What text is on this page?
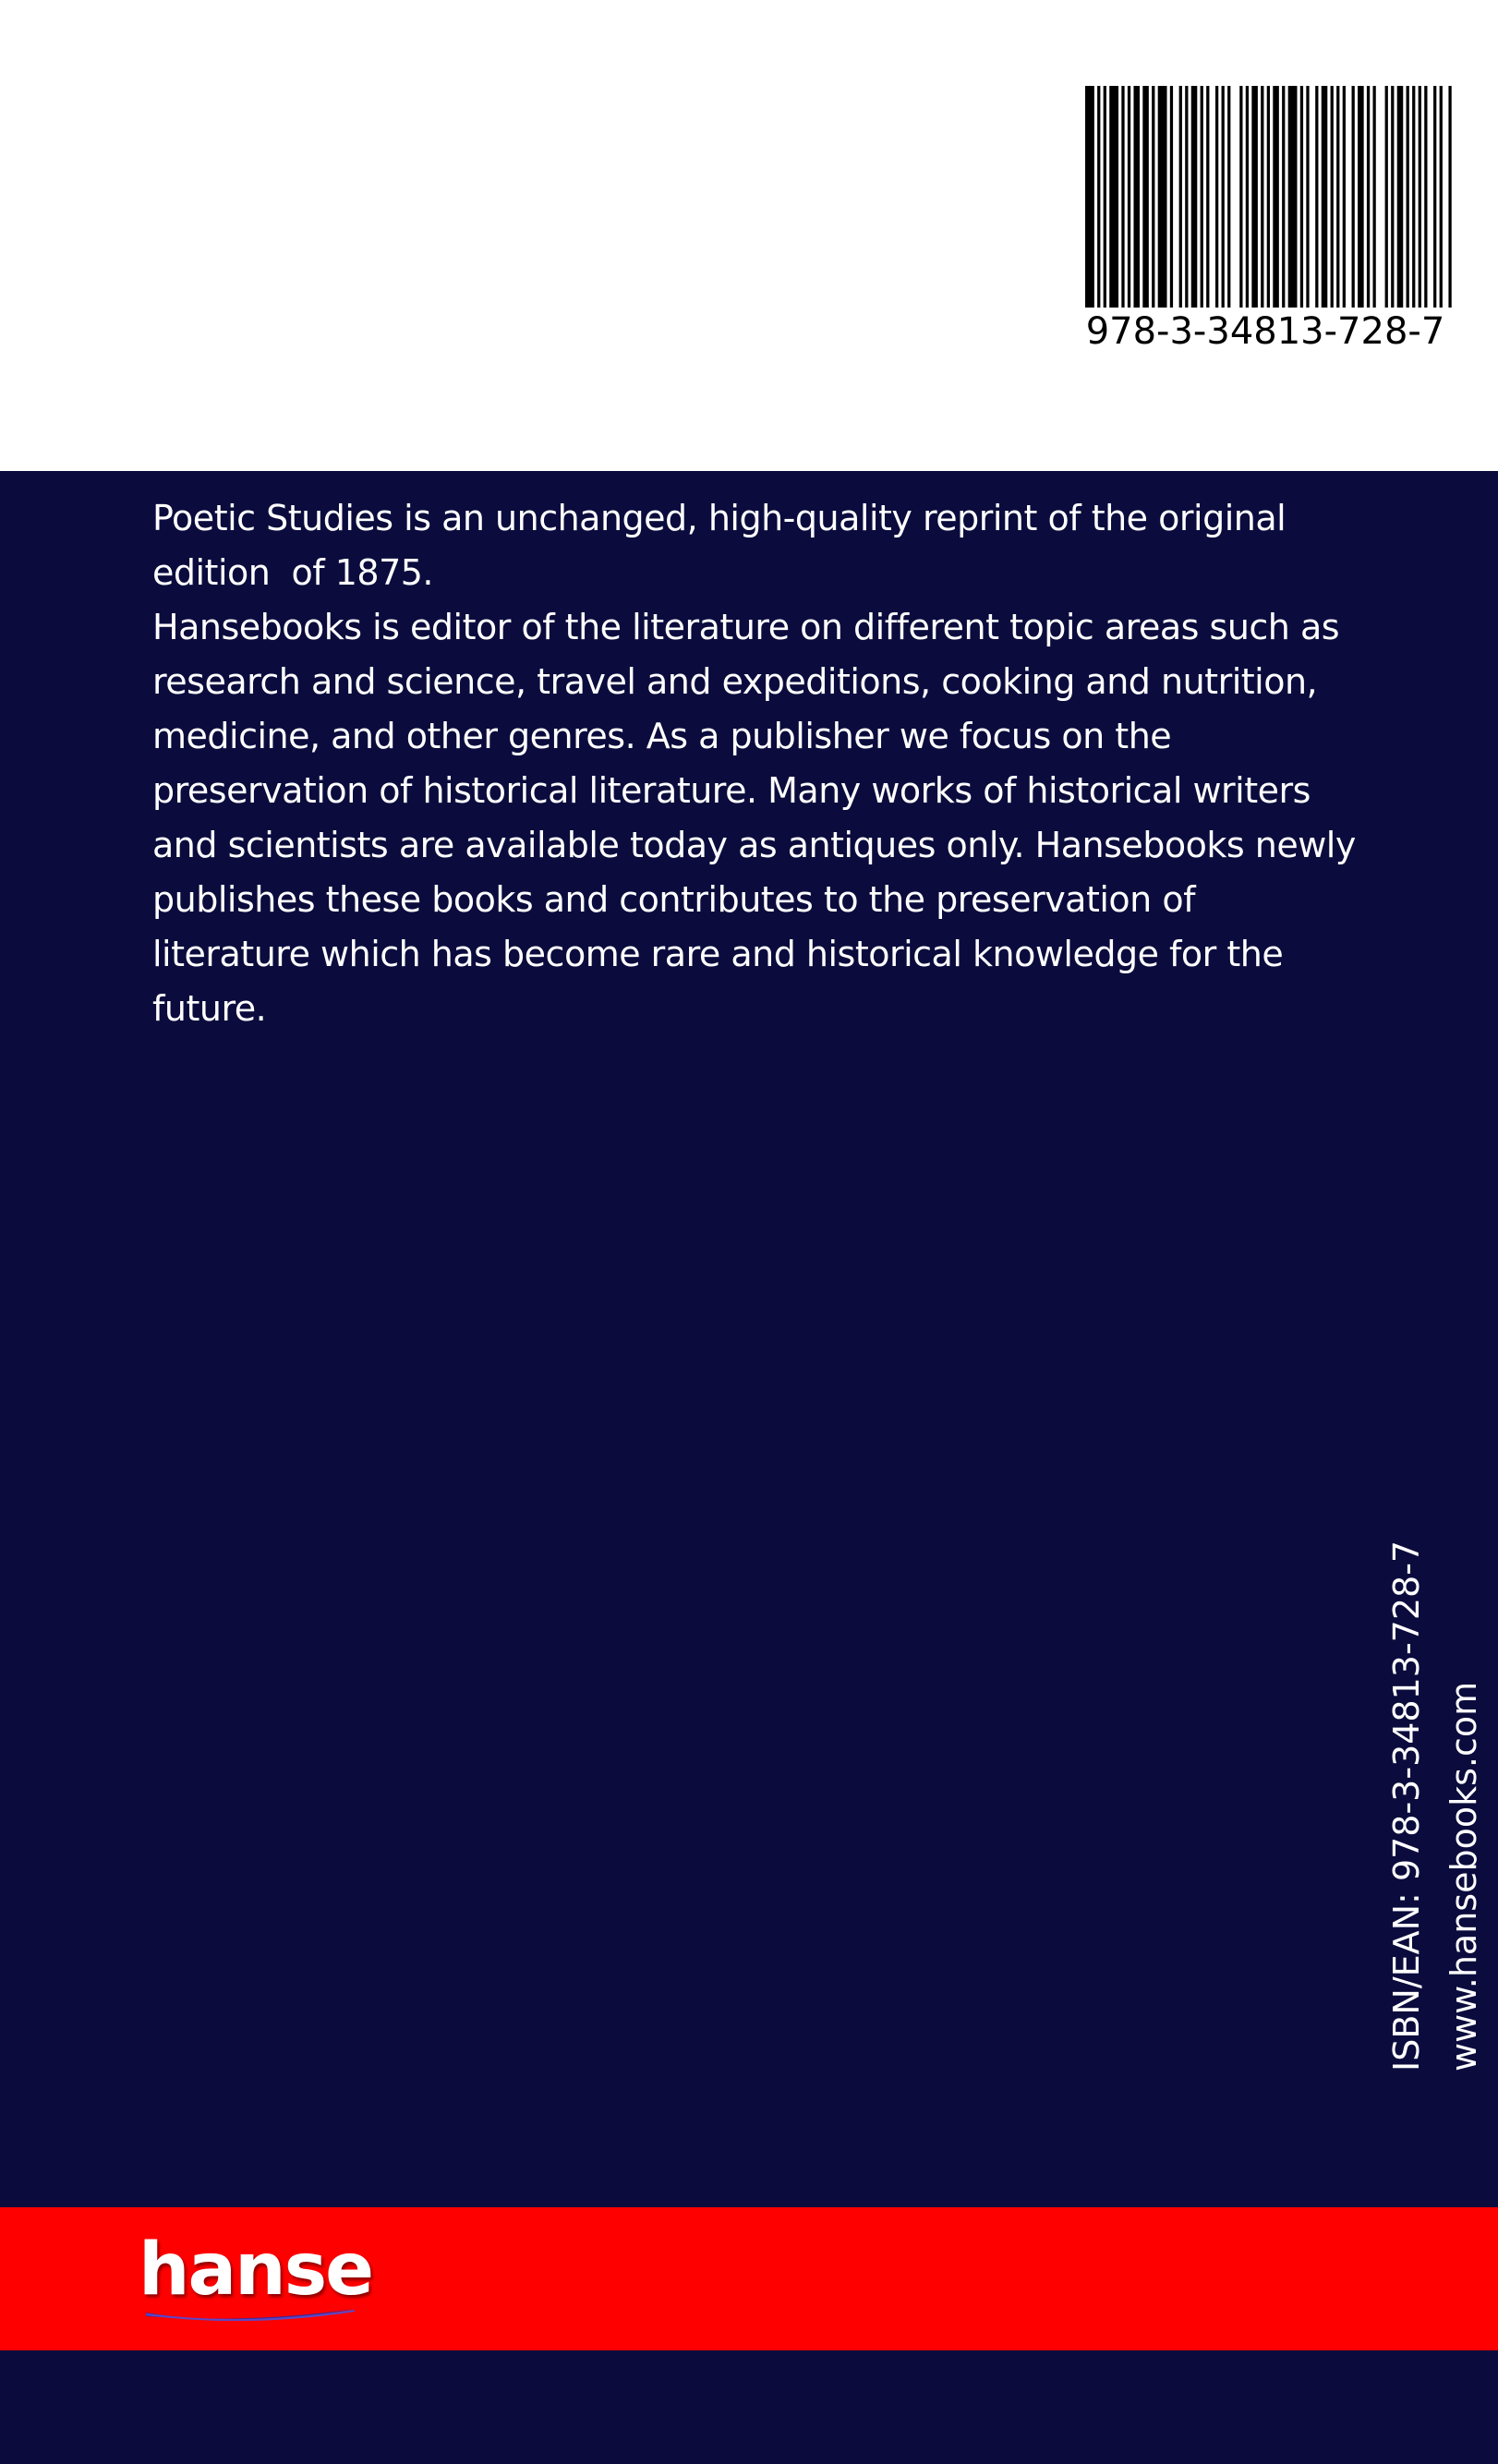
978-3-34813-728-7

Poetic Studies is an unchanged, high-quality reprint of the original
edition  of 1875.

Hansebooks is editor of the literature on different topic areas such as
research and science, travel and expeditions, cooking and nutrition,
medicine, and other genres. As a publisher we focus on the
preservation of historical literature. Many works of historical writers
and scientists are available today as antiques only. Hansebooks newly
publishes these books and contributes to the preservation of
literature which has become rare and historical knowledge for the
future.

ISBN/EAN: 978-3-34813-728-7 www.hansebooks.com
hanse
